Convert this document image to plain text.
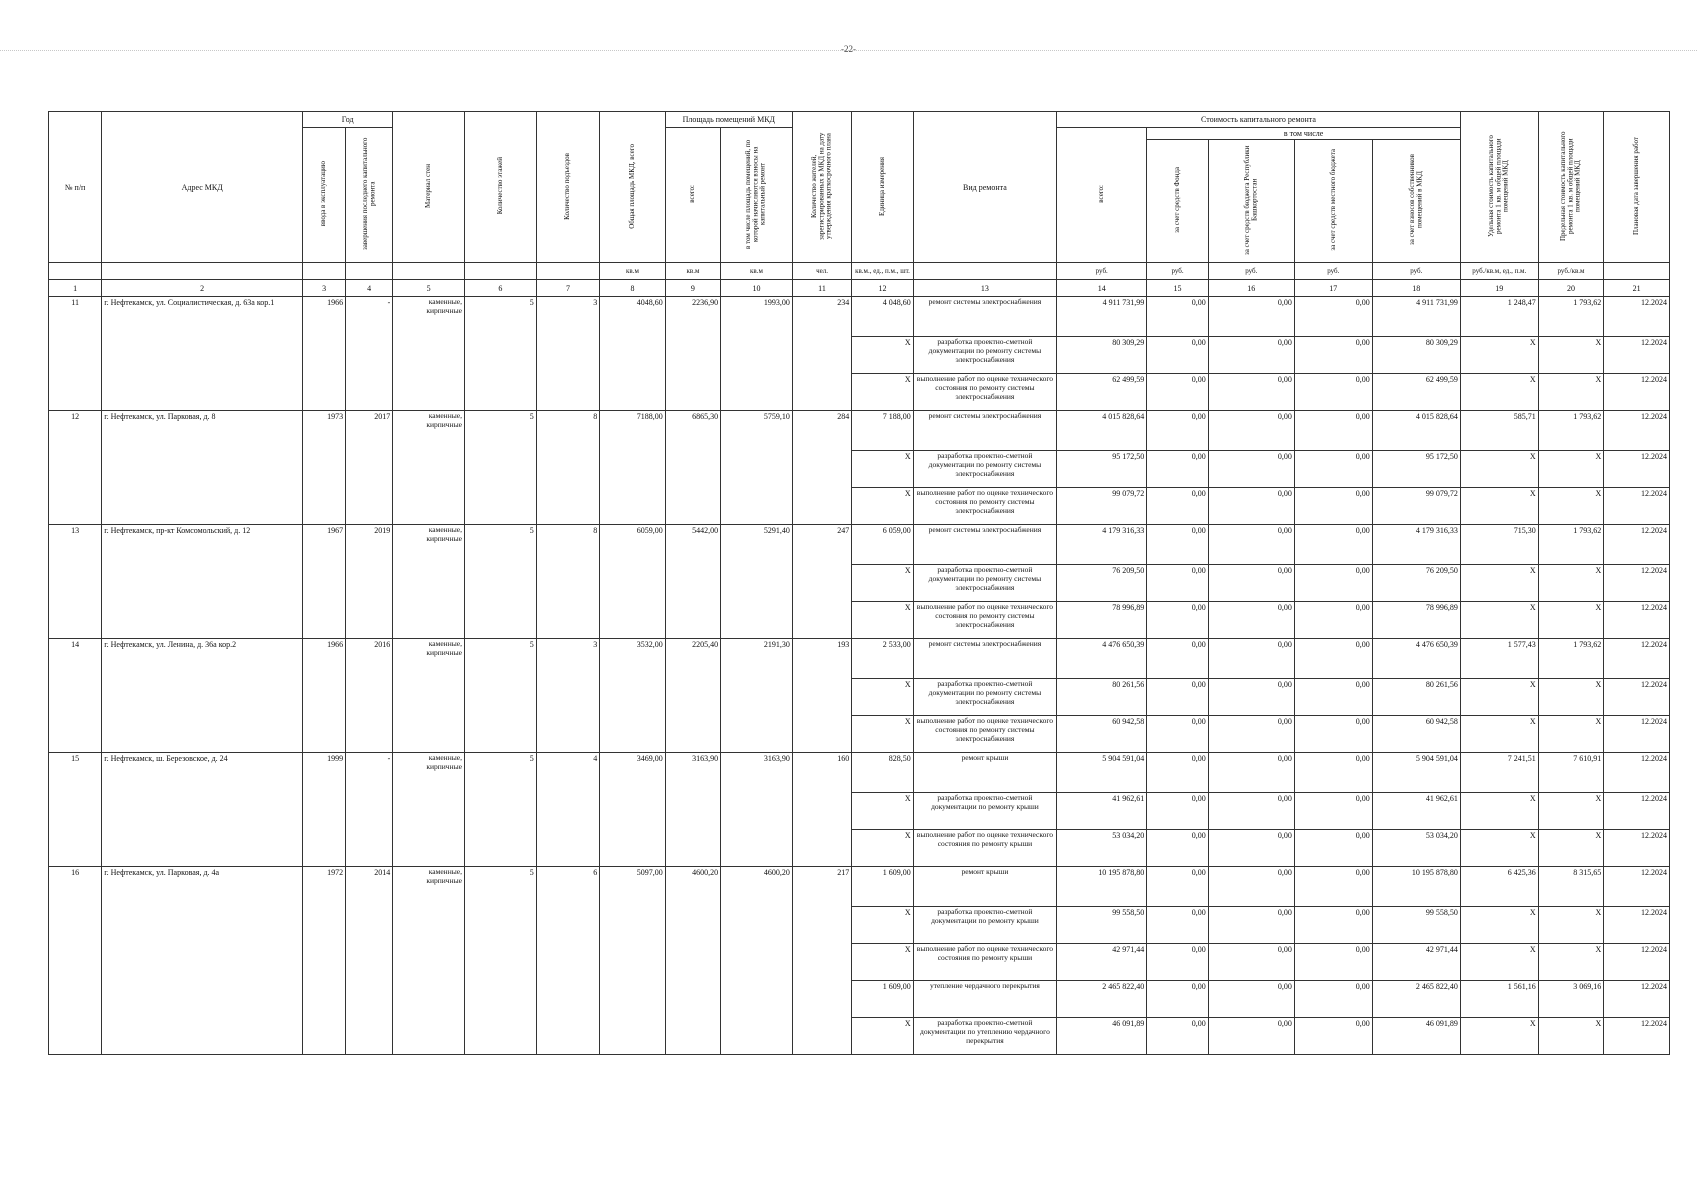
-22-
№ п/п	Адрес МКД	Год		Материал стен	Количество этажей	Количество подъездов	Общая площадь МКД, всего	Площадь помещений МКД		Количество жителей, зарегистрированных в МКД на дату утверждения краткосрочного плана	Единица измерения	Вид ремонта	Стоимость капитального ремонта					Удельная стоимость капитального ремонта 1 кв. м общей площади помещений МКД	Предельная стоимость капитального ремонта 1 кв. м общей площади помещений МКД	Плановая дата завершения работ
		ввода в эксплуатацию	завершения последнего капитального ремонта					всего:	в том числе площадь помещений, по которой начисляются взносы на капитальный ремонт				всего:	в том числе						
														за счет средств Фонда	за счет средств бюджета Республики Башкортостан	за счет средств местного бюджета	за счет взносов собственников помещений в МКД			
							кв.м	кв.м	кв.м	чел.	кв.м., ед., п.м., шт.		руб.	руб.	руб.	руб.	руб.	руб./кв.м, ед., п.м.	руб./кв.м	
1	2	3	4	5	6	7	8	9	10	11	12	13	14	15	16	17	18	19	20	21
11	г. Нефтекамск, ул. Социалистическая, д. 63а кор.1	1966	-	каменные, кирпичные	5	3	4048,60	2236,90	1993,00	234	4 048,60	ремонт системы электроснабжения	4 911 731,99	0,00	0,00	0,00	4 911 731,99	1 248,47	1 793,62	12.2024
											X	разработка проектно-сметной документации по ремонту системы электроснабжения	80 309,29	0,00	0,00	0,00	80 309,29	X	X	12.2024
											X	выполнение работ по оценке технического состояния по ремонту системы электроснабжения	62 499,59	0,00	0,00	0,00	62 499,59	X	X	12.2024
12	г. Нефтекамск, ул. Парковая, д. 8	1973	2017	каменные, кирпичные	5	8	7188,00	6865,30	5759,10	284	7 188,00	ремонт системы электроснабжения	4 015 828,64	0,00	0,00	0,00	4 015 828,64	585,71	1 793,62	12.2024
											X	разработка проектно-сметной документации по ремонту системы электроснабжения	95 172,50	0,00	0,00	0,00	95 172,50	X	X	12.2024
											X	выполнение работ по оценке технического состояния по ремонту системы электроснабжения	99 079,72	0,00	0,00	0,00	99 079,72	X	X	12.2024
13	г. Нефтекамск, пр-кт Комсомольский, д. 12	1967	2019	каменные, кирпичные	5	8	6059,00	5442,00	5291,40	247	6 059,00	ремонт системы электроснабжения	4 179 316,33	0,00	0,00	0,00	4 179 316,33	715,30	1 793,62	12.2024
											X	разработка проектно-сметной документации по ремонту системы электроснабжения	76 209,50	0,00	0,00	0,00	76 209,50	X	X	12.2024
											X	выполнение работ по оценке технического состояния по ремонту системы электроснабжения	78 996,89	0,00	0,00	0,00	78 996,89	X	X	12.2024
14	г. Нефтекамск, ул. Ленина, д. 36а кор.2	1966	2016	каменные, кирпичные	5	3	3532,00	2205,40	2191,30	193	2 533,00	ремонт системы электроснабжения	4 476 650,39	0,00	0,00	0,00	4 476 650,39	1 577,43	1 793,62	12.2024
											X	разработка проектно-сметной документации по ремонту системы электроснабжения	80 261,56	0,00	0,00	0,00	80 261,56	X	X	12.2024
											X	выполнение работ по оценке технического состояния по ремонту системы электроснабжения	60 942,58	0,00	0,00	0,00	60 942,58	X	X	12.2024
15	г. Нефтекамск, ш. Березовское, д. 24	1999	-	каменные, кирпичные	5	4	3469,00	3163,90	3163,90	160	828,50	ремонт крыши	5 904 591,04	0,00	0,00	0,00	5 904 591,04	7 241,51	7 610,91	12.2024
											X	разработка проектно-сметной документации по ремонту крыши	41 962,61	0,00	0,00	0,00	41 962,61	X	X	12.2024
											X	выполнение работ по оценке технического состояния по ремонту крыши	53 034,20	0,00	0,00	0,00	53 034,20	X	X	12.2024
16	г. Нефтекамск, ул. Парковая, д. 4а	1972	2014	каменные, кирпичные	5	6	5097,00	4600,20	4600,20	217	1 609,00	ремонт крыши	10 195 878,80	0,00	0,00	0,00	10 195 878,80	6 425,36	8 315,65	12.2024
											X	разработка проектно-сметной документации по ремонту крыши	99 558,50	0,00	0,00	0,00	99 558,50	X	X	12.2024
											X	выполнение работ по оценке технического состояния по ремонту крыши	42 971,44	0,00	0,00	0,00	42 971,44	X	X	12.2024
											1 609,00	утепление чердачного перекрытия	2 465 822,40	0,00	0,00	0,00	2 465 822,40	1 561,16	3 069,16	12.2024
											X	разработка проектно-сметной документации по утеплению чердачного перекрытия	46 091,89	0,00	0,00	0,00	46 091,89	X	X	12.2024
